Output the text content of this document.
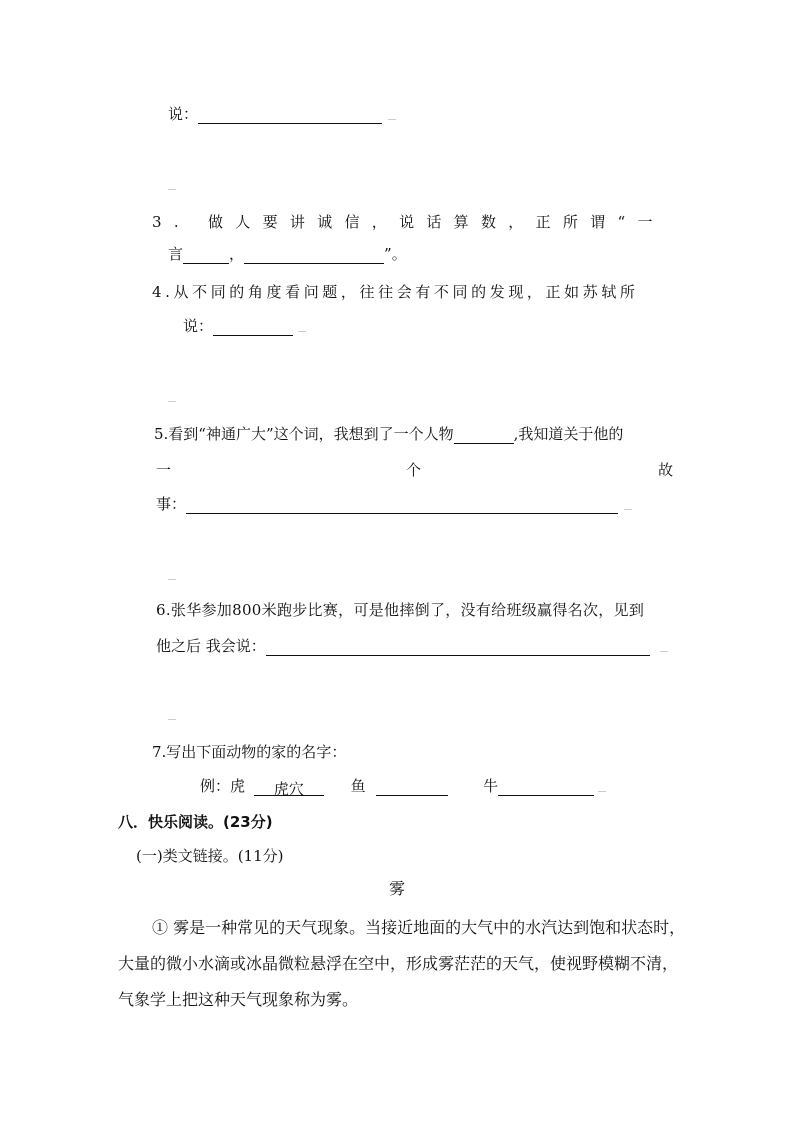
说：
3. 做人要讲诚信，说话算数，正所谓“一
言	，	”。
4.从不同的角度看问题，往往会有不同的发现，正如苏轼所
说：
5.看到“神通广大”这个词，我想到了一个人物	,我知道关于他的
一	个	故
事：
6.张华参加800米跑步比赛，可是他摔倒了，没有给班级赢得名次，见到
他之后 我会说：
7.写出下面动物的家的名字：
例：虎 虎穴	鱼	牛
八．快乐阅读。(23分)
(一)类文链接。(11分)
雾
① 雾是一种常见的天气现象。当接近地面的大气中的水汽达到饱和状态时，
大量的微小水滴或冰晶微粒悬浮在空中，形成雾茫茫的天气，使视野模糊不清，
气象学上把这种天气现象称为雾。
